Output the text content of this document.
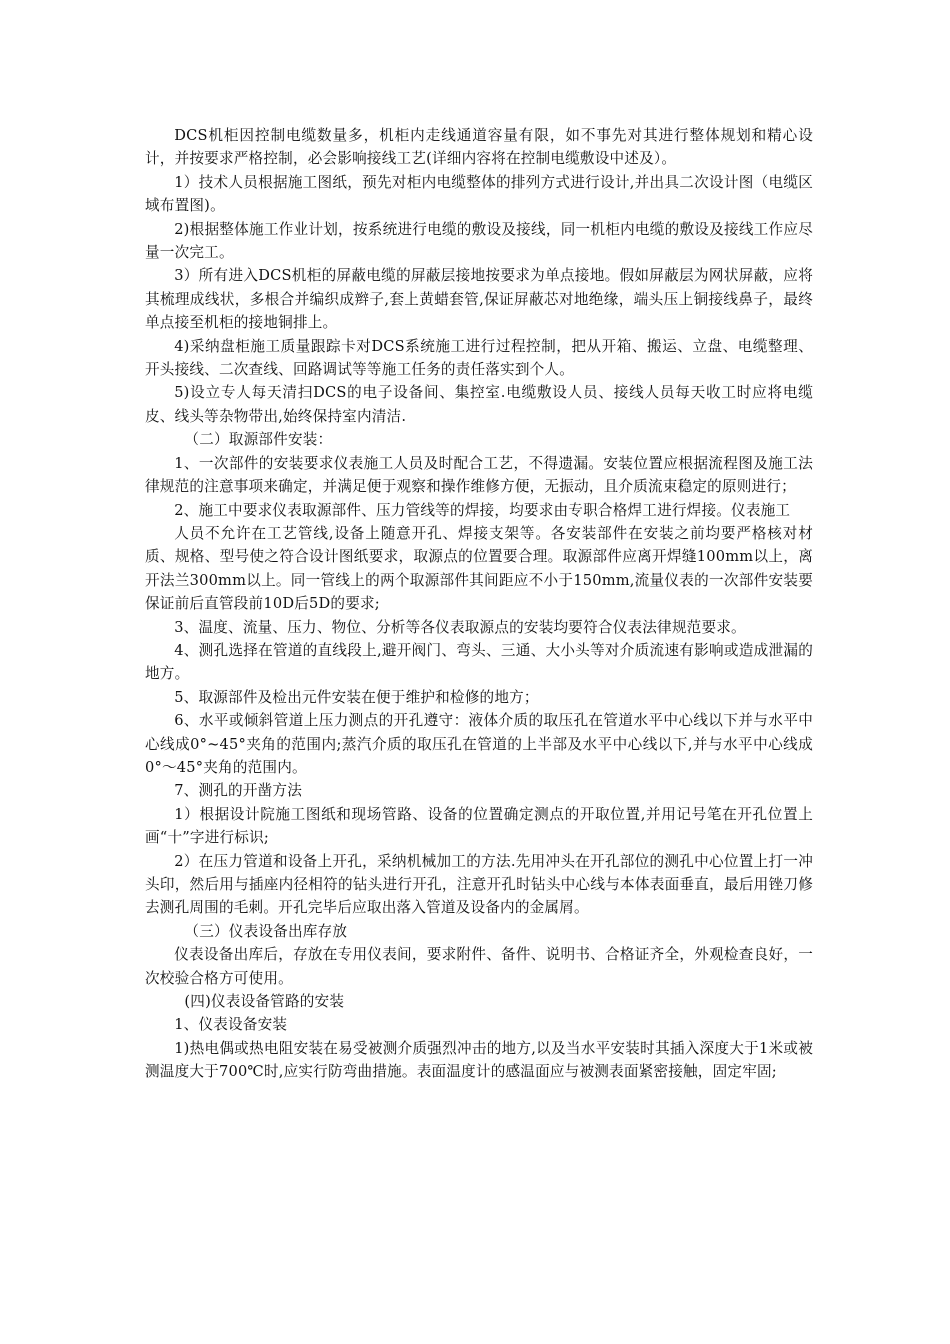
DCS机柜因控制电缆数量多，机柜内走线通道容量有限，如不事先对其进行整体规划和精心设计，并按要求严格控制，必会影响接线工艺(详细内容将在控制电缆敷设中述及）。

1）技术人员根据施工图纸，预先对柜内电缆整体的排列方式进行设计,并出具二次设计图（电缆区域布置图)。

2)根据整体施工作业计划，按系统进行电缆的敷设及接线，同一机柜内电缆的敷设及接线工作应尽量一次完工。

3）所有进入DCS机柜的屏蔽电缆的屏蔽层接地按要求为单点接地。假如屏蔽层为网状屏蔽，应将其梳理成线状，多根合并编织成辫子,套上黄蜡套管,保证屏蔽芯对地绝缘，端头压上铜接线鼻子，最终单点接至机柜的接地铜排上。

4)采纳盘柜施工质量跟踪卡对DCS系统施工进行过程控制，把从开箱、搬运、立盘、电缆整理、开头接线、二次查线、回路调试等等施工任务的责任落实到个人。

5)设立专人每天清扫DCS的电子设备间、集控室.电缆敷设人员、接线人员每天收工时应将电缆皮、线头等杂物带出,始终保持室内清洁.

（二）取源部件安装：

1、一次部件的安装要求仪表施工人员及时配合工艺，不得遗漏。安装位置应根据流程图及施工法律规范的注意事项来确定，并满足便于观察和操作维修方便，无振动，且介质流束稳定的原则进行；

2、施工中要求仪表取源部件、压力管线等的焊接，均要求由专职合格焊工进行焊接。仪表施工

人员不允许在工艺管线,设备上随意开孔、焊接支架等。各安装部件在安装之前均要严格核对材质、规格、型号使之符合设计图纸要求，取源点的位置要合理。取源部件应离开焊缝100mm以上，离开法兰300mm以上。同一管线上的两个取源部件其间距应不小于150mm,流量仪表的一次部件安装要保证前后直管段前10D后5D的要求;

3、温度、流量、压力、物位、分析等各仪表取源点的安装均要符合仪表法律规范要求。

4、测孔选择在管道的直线段上,避开阀门、弯头、三通、大小头等对介质流速有影响或造成泄漏的地方。

5、取源部件及检出元件安装在便于维护和检修的地方；

6、水平或倾斜管道上压力测点的开孔遵守：液体介质的取压孔在管道水平中心线以下并与水平中心线成0°~45°夹角的范围内;蒸汽介质的取压孔在管道的上半部及水平中心线以下,并与水平中心线成 0°～45°夹角的范围内。

7、测孔的开凿方法

1）根据设计院施工图纸和现场管路、设备的位置确定测点的开取位置,并用记号笔在开孔位置上画“十”字进行标识;

2）在压力管道和设备上开孔，采纳机械加工的方法.先用冲头在开孔部位的测孔中心位置上打一冲头印，然后用与插座内径相符的钻头进行开孔，注意开孔时钻头中心线与本体表面垂直，最后用锉刀修去测孔周围的毛刺。开孔完毕后应取出落入管道及设备内的金属屑。

（三）仪表设备出库存放

仪表设备出库后，存放在专用仪表间，要求附件、备件、说明书、合格证齐全，外观检查良好，一次校验合格方可使用。

(四)仪表设备管路的安装

1、仪表设备安装

1)热电偶或热电阻安装在易受被测介质强烈冲击的地方,以及当水平安装时其插入深度大于1米或被测温度大于700℃时,应实行防弯曲措施。表面温度计的感温面应与被测表面紧密接触，固定牢固;
